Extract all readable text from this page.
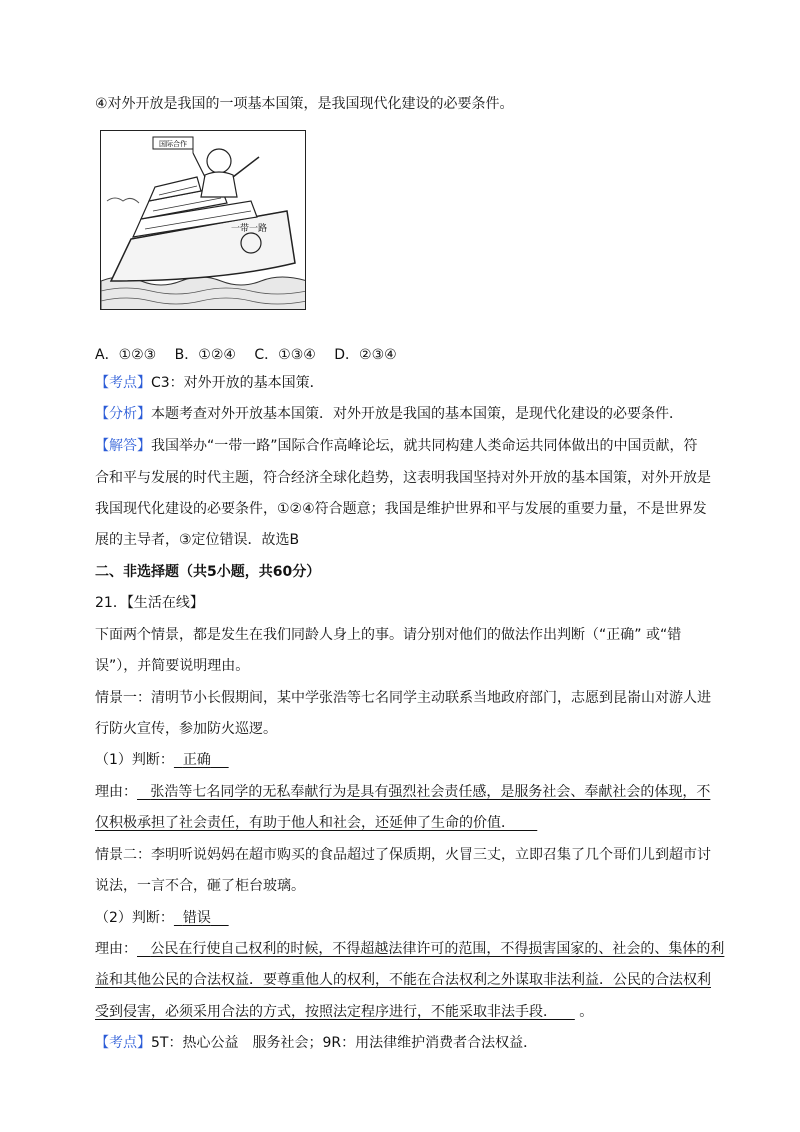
④对外开放是我国的一项基本国策，是我国现代化建设的必要条件。
国际合作
一带一路
A．①②③　 B．①②④　 C．①③④　 D．②③④
【考点】C3：对外开放的基本国策．
【分析】本题考查对外开放基本国策．对外开放是我国的基本国策，是现代化建设的必要条件．
【解答】我国举办“一带一路”国际合作高峰论坛，就共同构建人类命运共同体做出的中国贡献，符
合和平与发展的时代主题，符合经济全球化趋势，这表明我国坚持对外开放的基本国策，对外开放是
我国现代化建设的必要条件，①②④符合题意；我国是维护世界和平与发展的重要力量，不是世界发
展的主导者，③定位错误．故选B
二、非选择题（共5小题，共60分）
21．【生活在线】
下面两个情景，都是发生在我们同龄人身上的事。请分别对他们的做法作出判断（“正确” 或“错
误”），并简要说明理由。
情景一：清明节小长假期间，某中学张浩等七名同学主动联系当地政府部门，志愿到昆嵛山对游人进
行防火宣传，参加防火巡逻。
（1）判断： 正确
理由： 张浩等七名同学的无私奉献行为是具有强烈社会责任感，是服务社会、奉献社会的体现，不
仅积极承担了社会责任，有助于他人和社会，还延伸了生命的价值．
情景二：李明听说妈妈在超市购买的食品超过了保质期，火冒三丈，立即召集了几个哥们儿到超市讨
说法，一言不合，砸了柜台玻璃。
（2）判断： 错误
理由： 公民在行使自己权利的时候，不得超越法律许可的范围，不得损害国家的、社会的、集体的利
益和其他公民的合法权益．要尊重他人的权利，不能在合法权利之外谋取非法利益．公民的合法权利
受到侵害，必须采用合法的方式，按照法定程序进行，不能采取非法手段． 。
【考点】5T：热心公益　服务社会；9R：用法律维护消费者合法权益．
